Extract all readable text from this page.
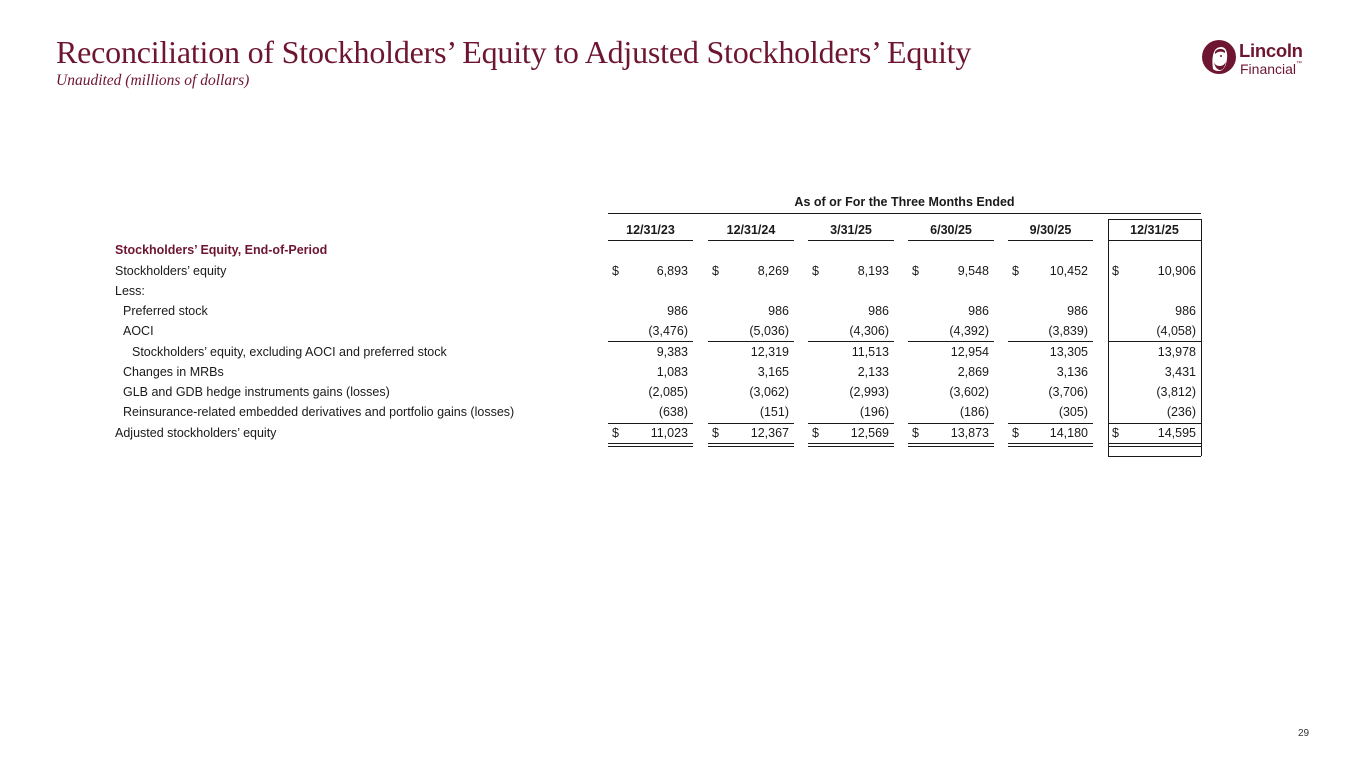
Reconciliation of Stockholders’ Equity to Adjusted Stockholders’ Equity
Unaudited (millions of dollars)
Lincoln
Financial™
As of or For the Three Months Ended
12/31/23	12/31/24	3/31/25	6/30/25	9/30/25	12/31/25
Stockholders’ Equity, End-of-Period
Stockholders’ equity	$	6,893 $	8,269 $	8,193 $	9,548 $	10,452 $	10,906
Less:
Preferred stock	986	986	986	986	986	986
AOCI	(3,476)	(5,036)	(4,306)	(4,392)	(3,839)	(4,058)
Stockholders’ equity, excluding AOCI and preferred stock	9,383	12,319	11,513	12,954	13,305	13,978
Changes in MRBs	1,083	3,165	2,133	2,869	3,136	3,431
GLB and GDB hedge instruments gains (losses)	(2,085)	(3,062)	(2,993)	(3,602)	(3,706)	(3,812)
Reinsurance-related embedded derivatives and portfolio gains (losses)	(638)	(151)	(196)	(186)	(305)	(236)
Adjusted stockholders’ equity	$	11,023 $	12,367 $	12,569 $	13,873 $	14,180 $	14,595
29
